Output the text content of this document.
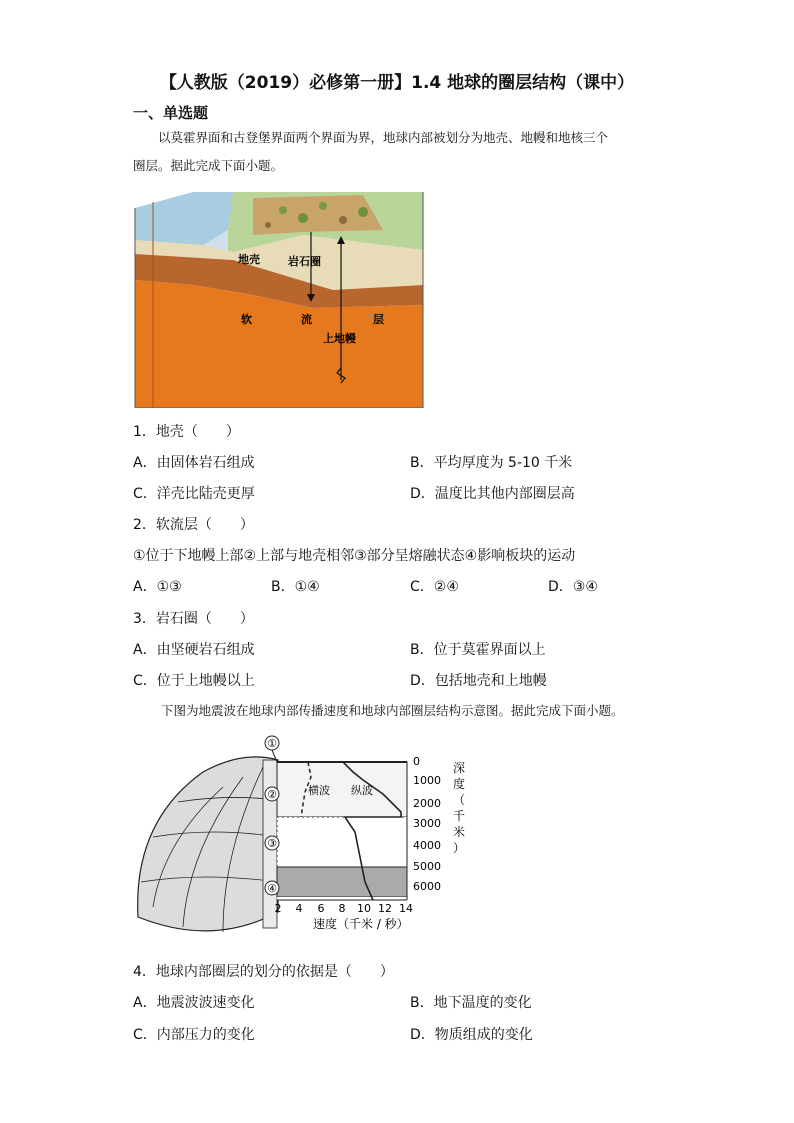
【人教版（2019）必修第一册】1.4 地球的圈层结构（课中）
一、单选题
以莫霍界面和古登堡界面两个界面为界，地球内部被划分为地壳、地幔和地核三个
圈层。据此完成下面小题。
地壳	岩石圈
软	流	层
上地幔
1．地壳（　　）
A．由固体岩石组成	B．平均厚度为 5-10 千米
C．洋壳比陆壳更厚	D．温度比其他内部圈层高
2．软流层（　　）
①位于下地幔上部②上部与地壳相邻③部分呈熔融状态④影响板块的运动
A．①③	B．①④	C．②④	D．③④
3．岩石圈（　　）
A．由坚硬岩石组成	B．位于莫霍界面以上
C．位于上地幔以上	D．包括地壳和上地幔
下图为地震波在地球内部传播速度和地球内部圈层结构示意图。据此完成下面小题。
①
②
③
④
横波 纵波
0
1000
2000
3000
4000
5000
6000
深
度
（
千
米
）
2 4 6 8 10 12 14
速度（千米 / 秒）
4．地球内部圈层的划分的依据是（　　）
A．地震波波速变化	B．地下温度的变化
C．内部压力的变化	D．物质组成的变化
